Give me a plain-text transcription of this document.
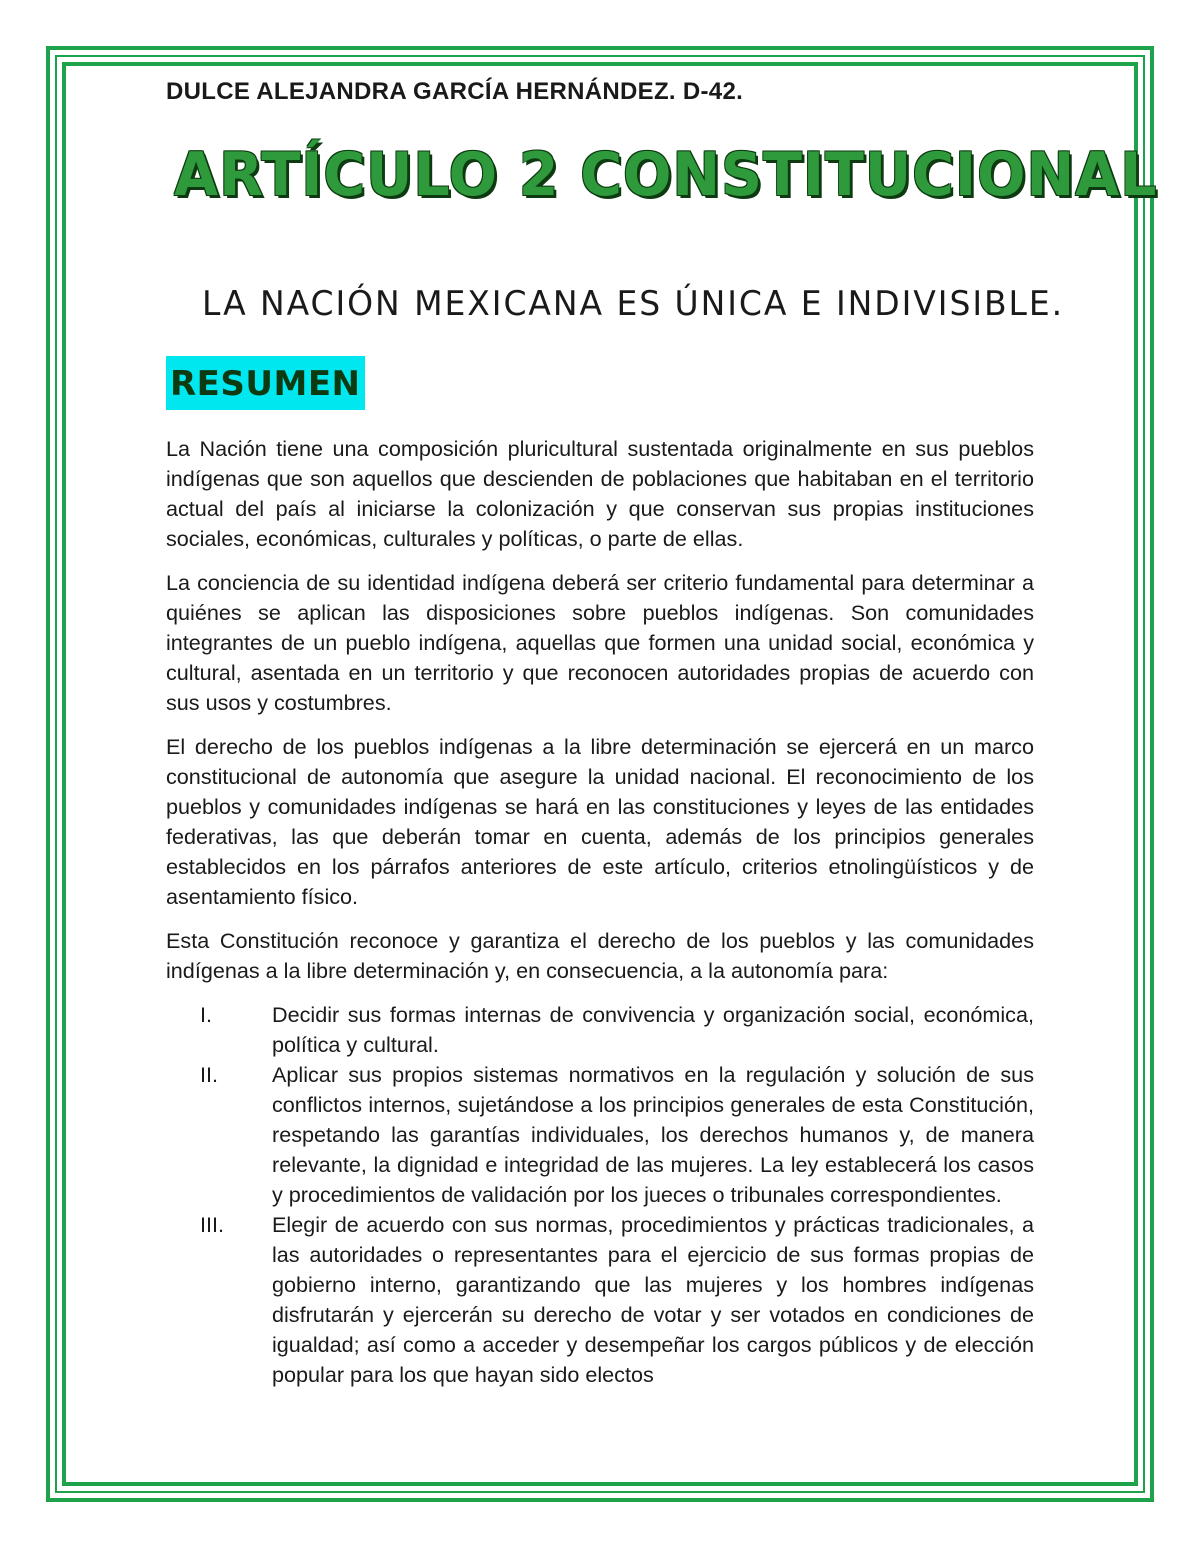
DULCE ALEJANDRA GARCÍA HERNÁNDEZ. D-42.
ARTÍCULO 2 CONSTITUCIONAL
LA NACIÓN MEXICANA ES ÚNICA E INDIVISIBLE.
RESUMEN

La Nación tiene una composición pluricultural sustentada originalmente en sus pueblos indígenas que son aquellos que descienden de poblaciones que habitaban en el territorio actual del país al iniciarse la colonización y que conservan sus propias instituciones sociales, económicas, culturales y políticas, o parte de ellas.

La conciencia de su identidad indígena deberá ser criterio fundamental para determinar a quiénes se aplican las disposiciones sobre pueblos indígenas. Son comunidades integrantes de un pueblo indígena, aquellas que formen una unidad social, económica y cultural, asentada en un territorio y que reconocen autoridades propias de acuerdo con sus usos y costumbres.

El derecho de los pueblos indígenas a la libre determinación se ejercerá en un marco constitucional de autonomía que asegure la unidad nacional. El reconocimiento de los pueblos y comunidades indígenas se hará en las constituciones y leyes de las entidades federativas, las que deberán tomar en cuenta, además de los principios generales establecidos en los párrafos anteriores de este artículo, criterios etnolingüísticos y de asentamiento físico.

Esta Constitución reconoce y garantiza el derecho de los pueblos y las comunidades indígenas a la libre determinación y, en consecuencia, a la autonomía para:

I.	Decidir sus formas internas de convivencia y organización social, económica, política y cultural.
II.	Aplicar sus propios sistemas normativos en la regulación y solución de sus conflictos internos, sujetándose a los principios generales de esta Constitución, respetando las garantías individuales, los derechos humanos y, de manera relevante, la dignidad e integridad de las mujeres. La ley establecerá los casos y procedimientos de validación por los jueces o tribunales correspondientes.
III. Elegir de acuerdo con sus normas, procedimientos y prácticas tradicionales, a las autoridades o representantes para el ejercicio de sus formas propias de gobierno interno, garantizando que las mujeres y los hombres indígenas disfrutarán y ejercerán su derecho de votar y ser votados en condiciones de igualdad; así como a acceder y desempeñar los cargos públicos y de elección popular para los que hayan sido electos
